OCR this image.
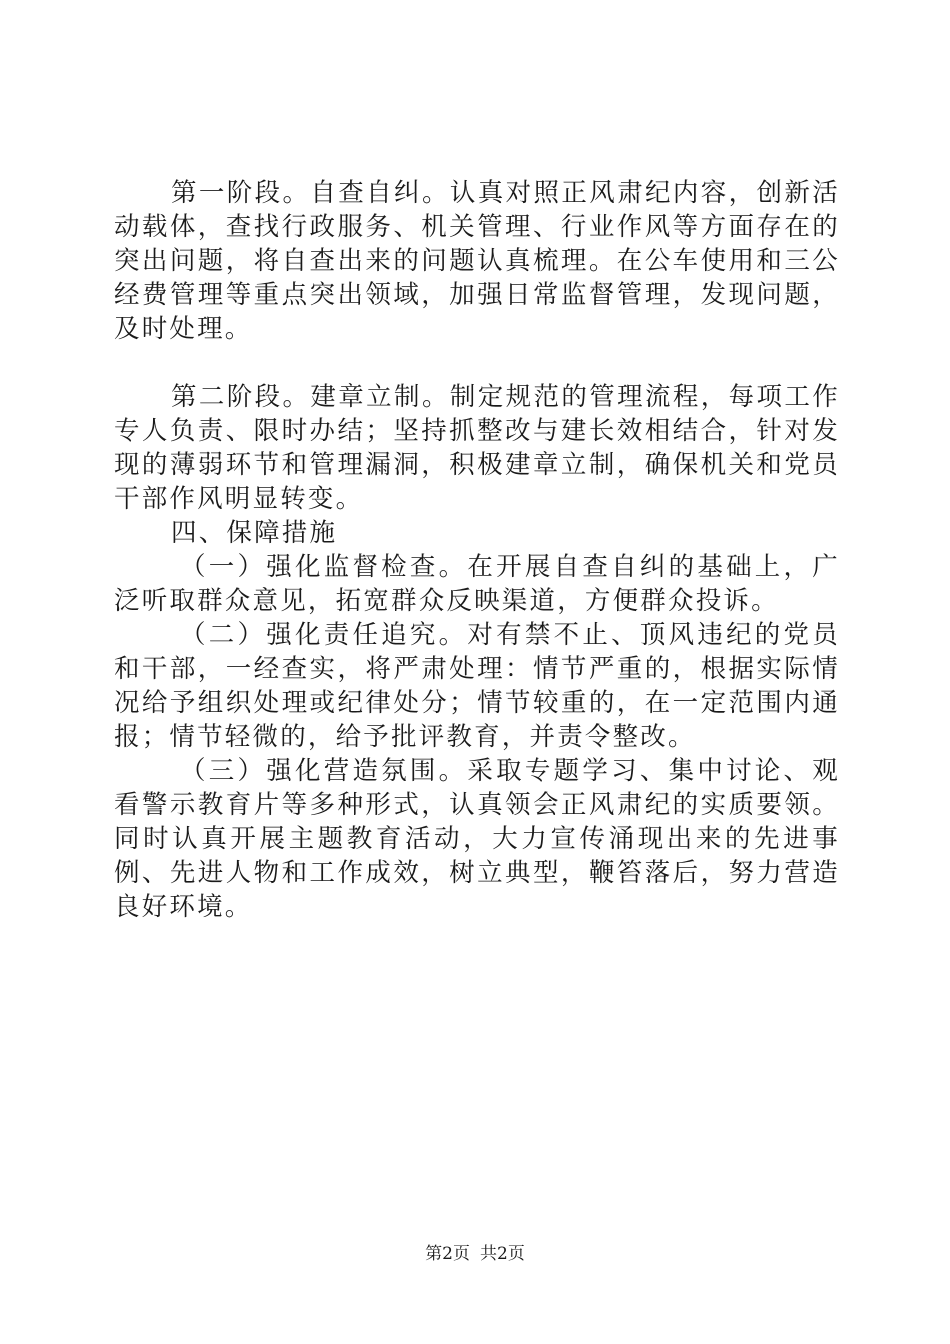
第一阶段。自查自纠。认真对照正风肃纪内容，创新活动载体，查找行政服务、机关管理、行业作风等方面存在的突出问题，将自查出来的问题认真梳理。在公车使用和三公经费管理等重点突出领域，加强日常监督管理，发现问题，及时处理。

第二阶段。建章立制。制定规范的管理流程，每项工作专人负责、限时办结；坚持抓整改与建长效相结合，针对发现的薄弱环节和管理漏洞，积极建章立制，确保机关和党员干部作风明显转变。

四、保障措施

（一）强化监督检查。在开展自查自纠的基础上，广泛听取群众意见，拓宽群众反映渠道，方便群众投诉。

（二）强化责任追究。对有禁不止、顶风违纪的党员和干部，一经查实，将严肃处理：情节严重的，根据实际情况给予组织处理或纪律处分；情节较重的，在一定范围内通报；情节轻微的，给予批评教育，并责令整改。

（三）强化营造氛围。采取专题学习、集中讨论、观看警示教育片等多种形式，认真领会正风肃纪的实质要领。同时认真开展主题教育活动，大力宣传涌现出来的先进事例、先进人物和工作成效，树立典型，鞭笞落后，努力营造良好环境。

第2页 共2页
